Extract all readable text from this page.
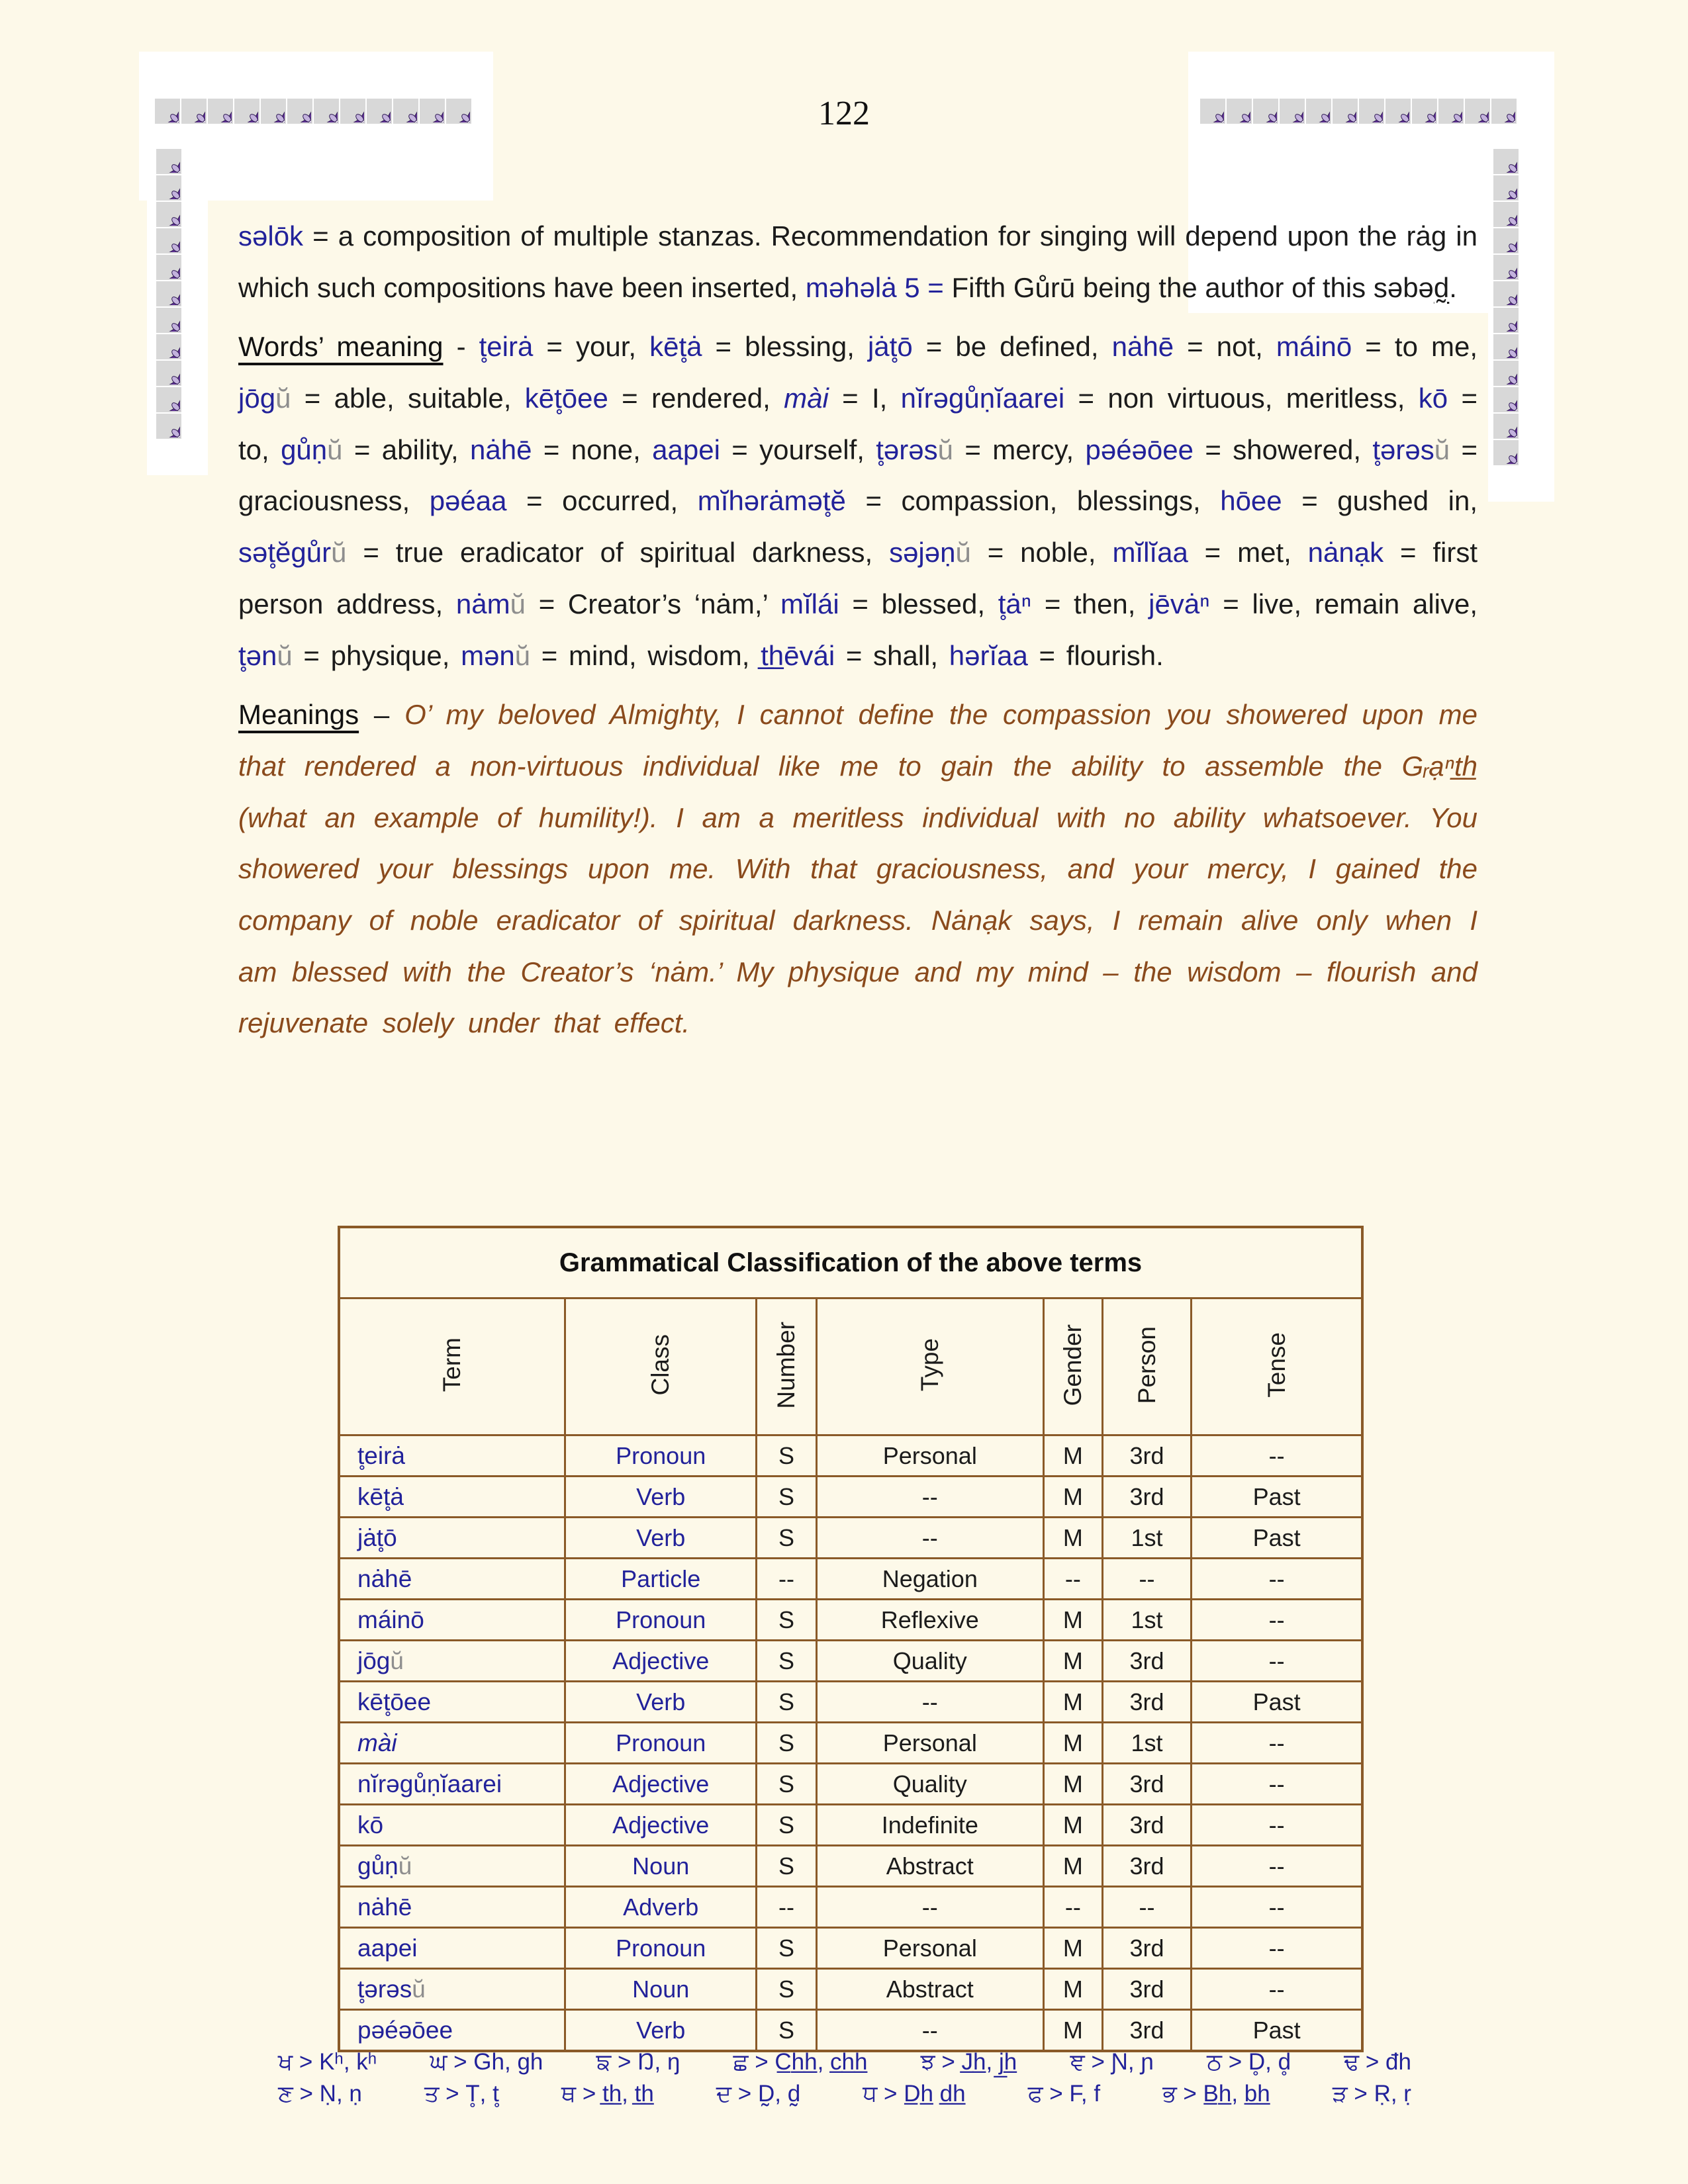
122

səlōk = a composition of multiple stanzas. Recommendation for singing will depend upon the rȧg in which such compositions have been inserted, məhəlȧ 5 = Fifth Gůrū being the author of this səbəd̰.

Words’ meaning - t̥eirȧ = your, kēt̥ȧ = blessing, jȧt̥ō = be defined, nȧhē = not, máinō = to me, jōgŭ = able, suitable, kēt̥ōee = rendered, mài = I, nĭrəgůṇĭaarei = non virtuous, meritless, kō = to, gůṇŭ = ability, nȧhē = none, aapei = yourself, t̥ərəsŭ = mercy, pəéəōee = showered, t̥ərəsŭ = graciousness, pəéaa = occurred, mĭhərȧmət̥ĕ = compassion, blessings, hōee = gushed in, sət̥ĕgůrŭ = true eradicator of spiritual darkness, səjəṇŭ = noble, mĭlĭaa = met, nȧnạk = first person address, nȧmŭ = Creator’s ‘nȧm,’ mĭlái = blessed, t̥ȧⁿ = then, jēvȧⁿ = live, remain alive, t̥ənŭ = physique, mənŭ = mind, wisdom, t̲h̲ēvái = shall, hərĭaa = flourish.

Meanings – O’ my beloved Almighty, I cannot define the compassion you showered upon me that rendered a non-virtuous individual like me to gain the ability to assemble the Gᵣạⁿt̲h̲ (what an example of humility!). I am a meritless individual with no ability whatsoever. You showered your blessings upon me. With that graciousness, and your mercy, I gained the company of noble eradicator of spiritual darkness. Nȧnạk says, I remain alive only when I am blessed with the Creator’s ‘nȧm.’ My physique and my mind – the wisdom – flourish and rejuvenate solely under that effect.

Grammatical Classification of the above terms						
Term	Class	Number	Type	Gender	Person	Tense
t̥eirȧ	Pronoun	S	Personal	M	3rd	--
kēt̥ȧ	Verb	S	--	M	3rd	Past
jȧt̥ō	Verb	S	--	M	1st	Past
nȧhē	Particle	--	Negation	--	--	--
máinō	Pronoun	S	Reflexive	M	1st	--
jōgŭ	Adjective	S	Quality	M	3rd	--
kēt̥ōee	Verb	S	--	M	3rd	Past
mài	Pronoun	S	Personal	M	1st	--
nĭrəgůṇĭaarei	Adjective	S	Quality	M	3rd	--
kō	Adjective	S	Indefinite	M	3rd	--
gůṇŭ	Noun	S	Abstract	M	3rd	--
nȧhē	Adverb	--	--	--	--	--
aapei	Pronoun	S	Personal	M	3rd	--
t̥ərəsŭ	Noun	S	Abstract	M	3rd	--
pəéəōee	Verb	S	--	M	3rd	Past
ਖ > Kʰ, kʰ ਘ > Gh, gh ਙ > Ŋ, ŋ ਛ > C̲h̲h̲, c̲h̲h̲ ਝ > J̲h̲, j̲h̲ ਞ > Ɲ, ɲ ਠ > D̥, d̥ ਢ > đh
ਣ > Ṇ, ṇ	ਤ > T̥, t̥	ਥ > t̲h̲, t̲h̲	ਦ > D̰, d̰	ਧ > D̲h̲ d̲h̲	ਫ > F, f	ਭ > B̲h̲, b̲h̲	ੜ > Ṛ, ṛ
